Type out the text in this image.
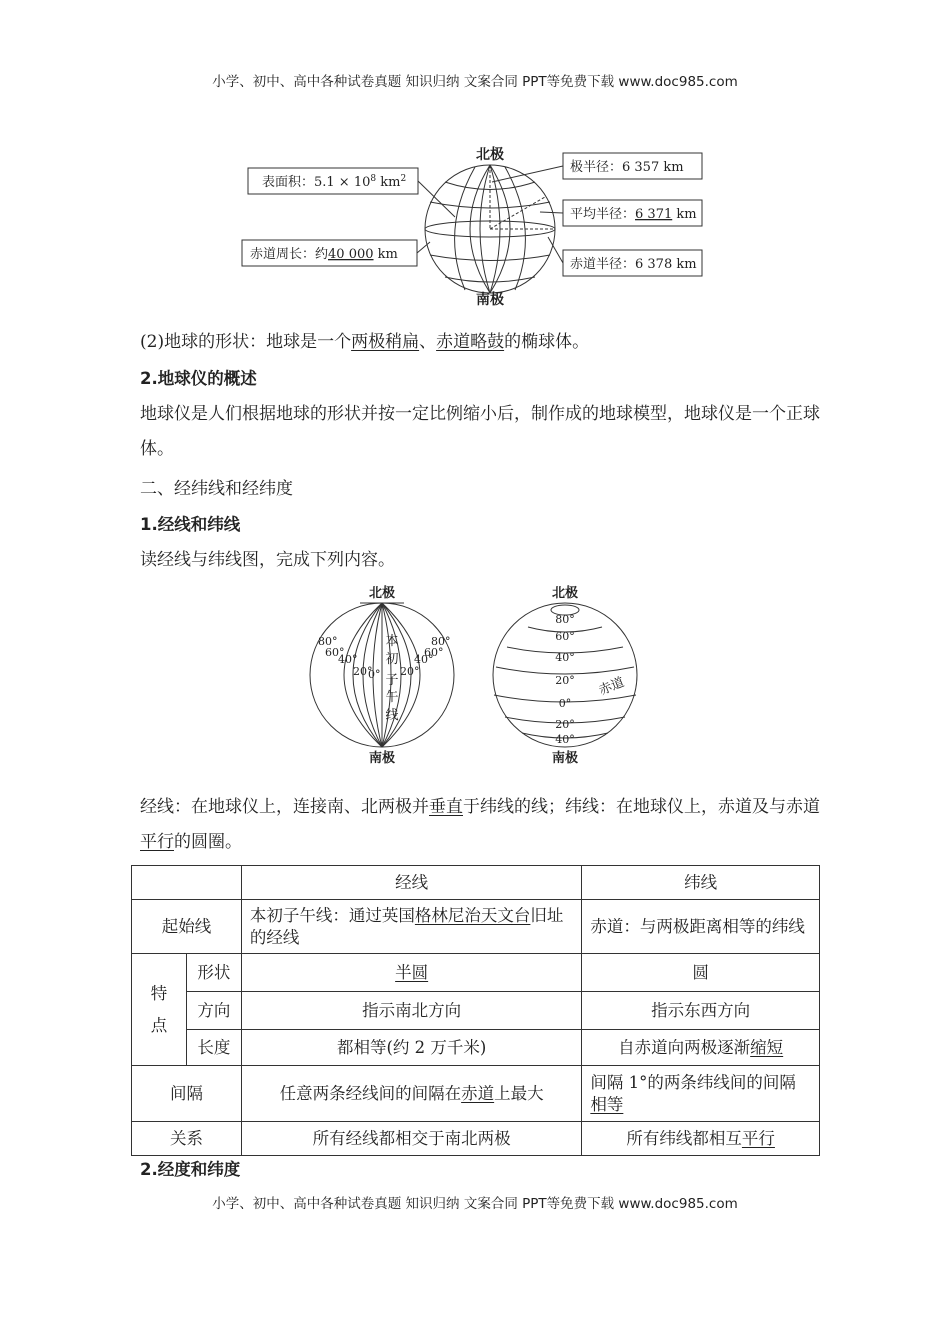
小学、初中、高中各种试卷真题 知识归纳 文案合同 PPT等免费下载 www.doc985.com
北极
南极
表面积：$5.1 \times 10^8$ $km^2$
赤道周长：约40 000 km
极半径：6 357 km
平均半径：6 371 km
赤道半径：6 378 km
(2)地球的形状：地球是一个两极稍扁、赤道略鼓的椭球体。
2.地球仪的概述
地球仪是人们根据地球的形状并按一定比例缩小后，制作成的地球模型，地球仪是一个正球体。
二、经纬线和经纬度
1.经线和纬线
读经线与纬线图，完成下列内容。
北极
南极
80°
60°
40°
20°
80°
60°
40°
20°
0°
本
初
子
午
线
北极
南极
80°
60°
40°
20°
0°
20°
40°
赤道
经线：在地球仪上，连接南、北两极并垂直于纬线的线；纬线：在地球仪上，赤道及与赤道平行的圆圈。
		经线	纬线
起始线		本初子午线：通过英国格林尼治天文台旧址的经线	赤道：与两极距离相等的纬线
特点	形状	半圆	圆
	方向	指示南北方向	指示东西方向
	长度	都相等(约 2 万千米)	自赤道向两极逐渐缩短
间隔		任意两条经线间的间隔在赤道上最大	间隔 1°的两条纬线间的间隔相等
关系		所有经线都相交于南北两极	所有纬线都相互平行
2.经度和纬度
小学、初中、高中各种试卷真题 知识归纳 文案合同 PPT等免费下载 www.doc985.com
